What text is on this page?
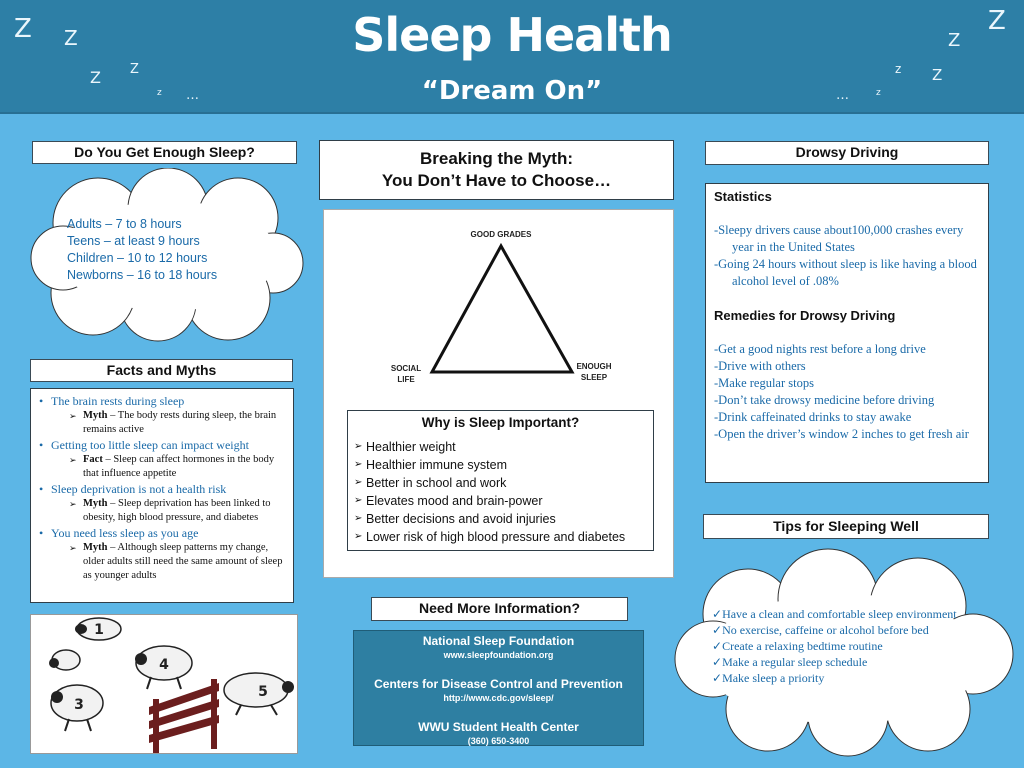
Sleep Health
“Dream On”
Z Z
Z Z
z …
Z
Z
z Z
z
…
Do You Get Enough Sleep?
Adults – 7 to 8 hours
Teens – at least 9 hours
Children – 10 to 12 hours
Newborns – 16 to 18 hours
Facts and Myths
• The brain rests during sleep
➢ Myth – The body rests during sleep, the brain remains active
• Getting too little sleep can impact weight
➢ Fact – Sleep can affect hormones in the body that influence appetite
• Sleep deprivation is not a health risk
➢ Myth – Sleep deprivation has been linked to obesity, high blood pressure, and diabetes
• You need less sleep as you age
➢ Myth – Although sleep patterns my change, older adults still need the same amount of sleep as younger adults
1
4
3
5
Breaking the Myth:
You Don’t Have to Choose…
GOOD GRADES
SOCIAL
LIFE
ENOUGH
SLEEP
Why is Sleep Important?
➢ Healthier weight
➢ Healthier immune system
➢ Better in school and work
➢ Elevates mood and brain-power
➢ Better decisions and avoid injuries
➢ Lower risk of high blood pressure and diabetes
Need More Information?
National Sleep Foundation
www.sleepfoundation.org
Centers for Disease Control and Prevention
http://www.cdc.gov/sleep/
WWU Student Health Center
(360) 650-3400
Drowsy Driving
Statistics
-Sleepy drivers cause about100,000 crashes every year in the United States
-Going 24 hours without sleep is like having a blood alcohol level of .08%
Remedies for Drowsy Driving
-Get a good nights rest before a long drive
-Drive with others
-Make regular stops
-Don’t take drowsy medicine before driving
-Drink caffeinated drinks to stay awake
-Open the driver’s window 2 inches to get fresh air
Tips for Sleeping Well
✓ Have a clean and comfortable sleep environment
✓ No exercise, caffeine or alcohol before bed
✓ Create a relaxing bedtime routine
✓ Make a regular sleep schedule
✓ Make sleep a priority
